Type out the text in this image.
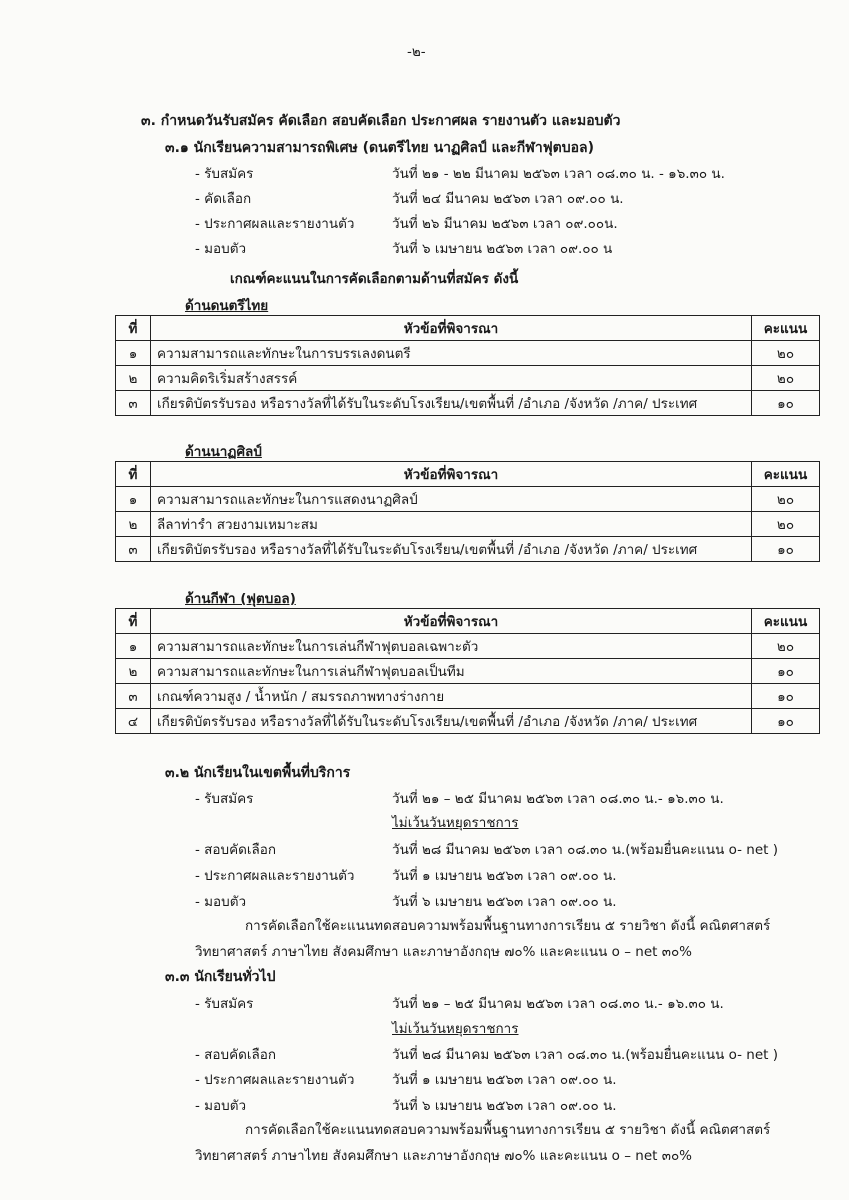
-๒-
๓. กำหนดวันรับสมัคร คัดเลือก สอบคัดเลือก ประกาศผล รายงานตัว และมอบตัว
๓.๑ นักเรียนความสามารถพิเศษ (ดนตรีไทย นาฏศิลป์ และกีฬาฟุตบอล)
- รับสมัคร	วันที่ ๒๑ - ๒๒ มีนาคม ๒๕๖๓ เวลา ๐๘.๓๐ น. - ๑๖.๓๐ น.
- คัดเลือก	วันที่ ๒๔ มีนาคม ๒๕๖๓ เวลา ๐๙.๐๐ น.
- ประกาศผลและรายงานตัว	วันที่ ๒๖ มีนาคม ๒๕๖๓ เวลา ๐๙.๐๐น.
- มอบตัว	วันที่ ๖ เมษายน ๒๕๖๓ เวลา ๐๙.๐๐ น
เกณฑ์คะแนนในการคัดเลือกตามด้านที่สมัคร ดังนี้
ด้านดนตรีไทย
ที่	หัวข้อที่พิจารณา	คะแนน
๑	ความสามารถและทักษะในการบรรเลงดนตรี	๒๐
๒	ความคิดริเริ่มสร้างสรรค์	๒๐
๓	เกียรติบัตรรับรอง หรือรางวัลที่ได้รับในระดับโรงเรียน/เขตพื้นที่ /อำเภอ /จังหวัด /ภาค/ ประเทศ	๑๐
ด้านนาฏศิลป์
ที่	หัวข้อที่พิจารณา	คะแนน
๑	ความสามารถและทักษะในการแสดงนาฏศิลป์	๒๐
๒	ลีลาท่ารำ สวยงามเหมาะสม	๒๐
๓	เกียรติบัตรรับรอง หรือรางวัลที่ได้รับในระดับโรงเรียน/เขตพื้นที่ /อำเภอ /จังหวัด /ภาค/ ประเทศ	๑๐
ด้านกีฬา (ฟุตบอล)
ที่	หัวข้อที่พิจารณา	คะแนน
๑	ความสามารถและทักษะในการเล่นกีฬาฟุตบอลเฉพาะตัว	๒๐
๒	ความสามารถและทักษะในการเล่นกีฬาฟุตบอลเป็นทีม	๑๐
๓	เกณฑ์ความสูง / น้ำหนัก / สมรรถภาพทางร่างกาย	๑๐
๔	เกียรติบัตรรับรอง หรือรางวัลที่ได้รับในระดับโรงเรียน/เขตพื้นที่ /อำเภอ /จังหวัด /ภาค/ ประเทศ	๑๐
๓.๒ นักเรียนในเขตพื้นที่บริการ
- รับสมัคร	วันที่ ๒๑ – ๒๕ มีนาคม ๒๕๖๓ เวลา ๐๘.๓๐ น.- ๑๖.๓๐ น.
ไม่เว้นวันหยุดราชการ
- สอบคัดเลือก	วันที่ ๒๘ มีนาคม ๒๕๖๓ เวลา ๐๘.๓๐ น.(พร้อมยื่นคะแนน o- net )
- ประกาศผลและรายงานตัว	วันที่ ๑ เมษายน ๒๕๖๓ เวลา ๐๙.๐๐ น.
- มอบตัว	วันที่ ๖ เมษายน ๒๕๖๓ เวลา ๐๙.๐๐ น.
การคัดเลือกใช้คะแนนทดสอบความพร้อมพื้นฐานทางการเรียน ๕ รายวิชา ดังนี้ คณิตศาสตร์
วิทยาศาสตร์ ภาษาไทย สังคมศึกษา และภาษาอังกฤษ ๗๐% และคะแนน o – net ๓๐%
๓.๓ นักเรียนทั่วไป
- รับสมัคร	วันที่ ๒๑ – ๒๕ มีนาคม ๒๕๖๓ เวลา ๐๘.๓๐ น.- ๑๖.๓๐ น.
ไม่เว้นวันหยุดราชการ
- สอบคัดเลือก	วันที่ ๒๘ มีนาคม ๒๕๖๓ เวลา ๐๘.๓๐ น.(พร้อมยื่นคะแนน o- net )
- ประกาศผลและรายงานตัว	วันที่ ๑ เมษายน ๒๕๖๓ เวลา ๐๙.๐๐ น.
- มอบตัว	วันที่ ๖ เมษายน ๒๕๖๓ เวลา ๐๙.๐๐ น.
การคัดเลือกใช้คะแนนทดสอบความพร้อมพื้นฐานทางการเรียน ๕ รายวิชา ดังนี้ คณิตศาสตร์
วิทยาศาสตร์ ภาษาไทย สังคมศึกษา และภาษาอังกฤษ ๗๐% และคะแนน o – net ๓๐%
